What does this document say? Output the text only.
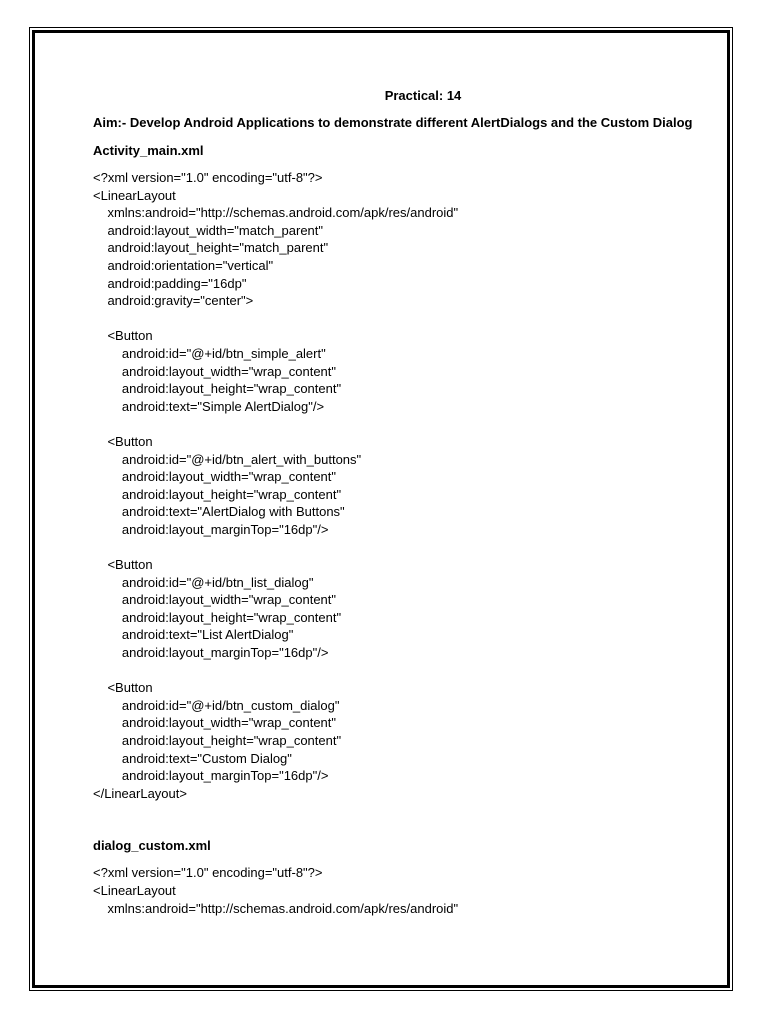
Practical: 14

Aim:- Develop Android Applications to demonstrate different AlertDialogs and the Custom Dialog

Activity_main.xml

<?xml version="1.0" encoding="utf-8"?>
<LinearLayout
xmlns:android="http://schemas.android.com/apk/res/android"
android:layout_width="match_parent"
android:layout_height="match_parent"
android:orientation="vertical"
android:padding="16dp"
android:gravity="center">
<Button
android:id="@+id/btn_simple_alert"
android:layout_width="wrap_content"
android:layout_height="wrap_content"
android:text="Simple AlertDialog"/>
<Button
android:id="@+id/btn_alert_with_buttons"
android:layout_width="wrap_content"
android:layout_height="wrap_content"
android:text="AlertDialog with Buttons"
android:layout_marginTop="16dp"/>
<Button
android:id="@+id/btn_list_dialog"
android:layout_width="wrap_content"
android:layout_height="wrap_content"
android:text="List AlertDialog"
android:layout_marginTop="16dp"/>
<Button
android:id="@+id/btn_custom_dialog"
android:layout_width="wrap_content"
android:layout_height="wrap_content"
android:text="Custom Dialog"
android:layout_marginTop="16dp"/>
</LinearLayout>

dialog_custom.xml

<?xml version="1.0" encoding="utf-8"?>
<LinearLayout
xmlns:android="http://schemas.android.com/apk/res/android"
